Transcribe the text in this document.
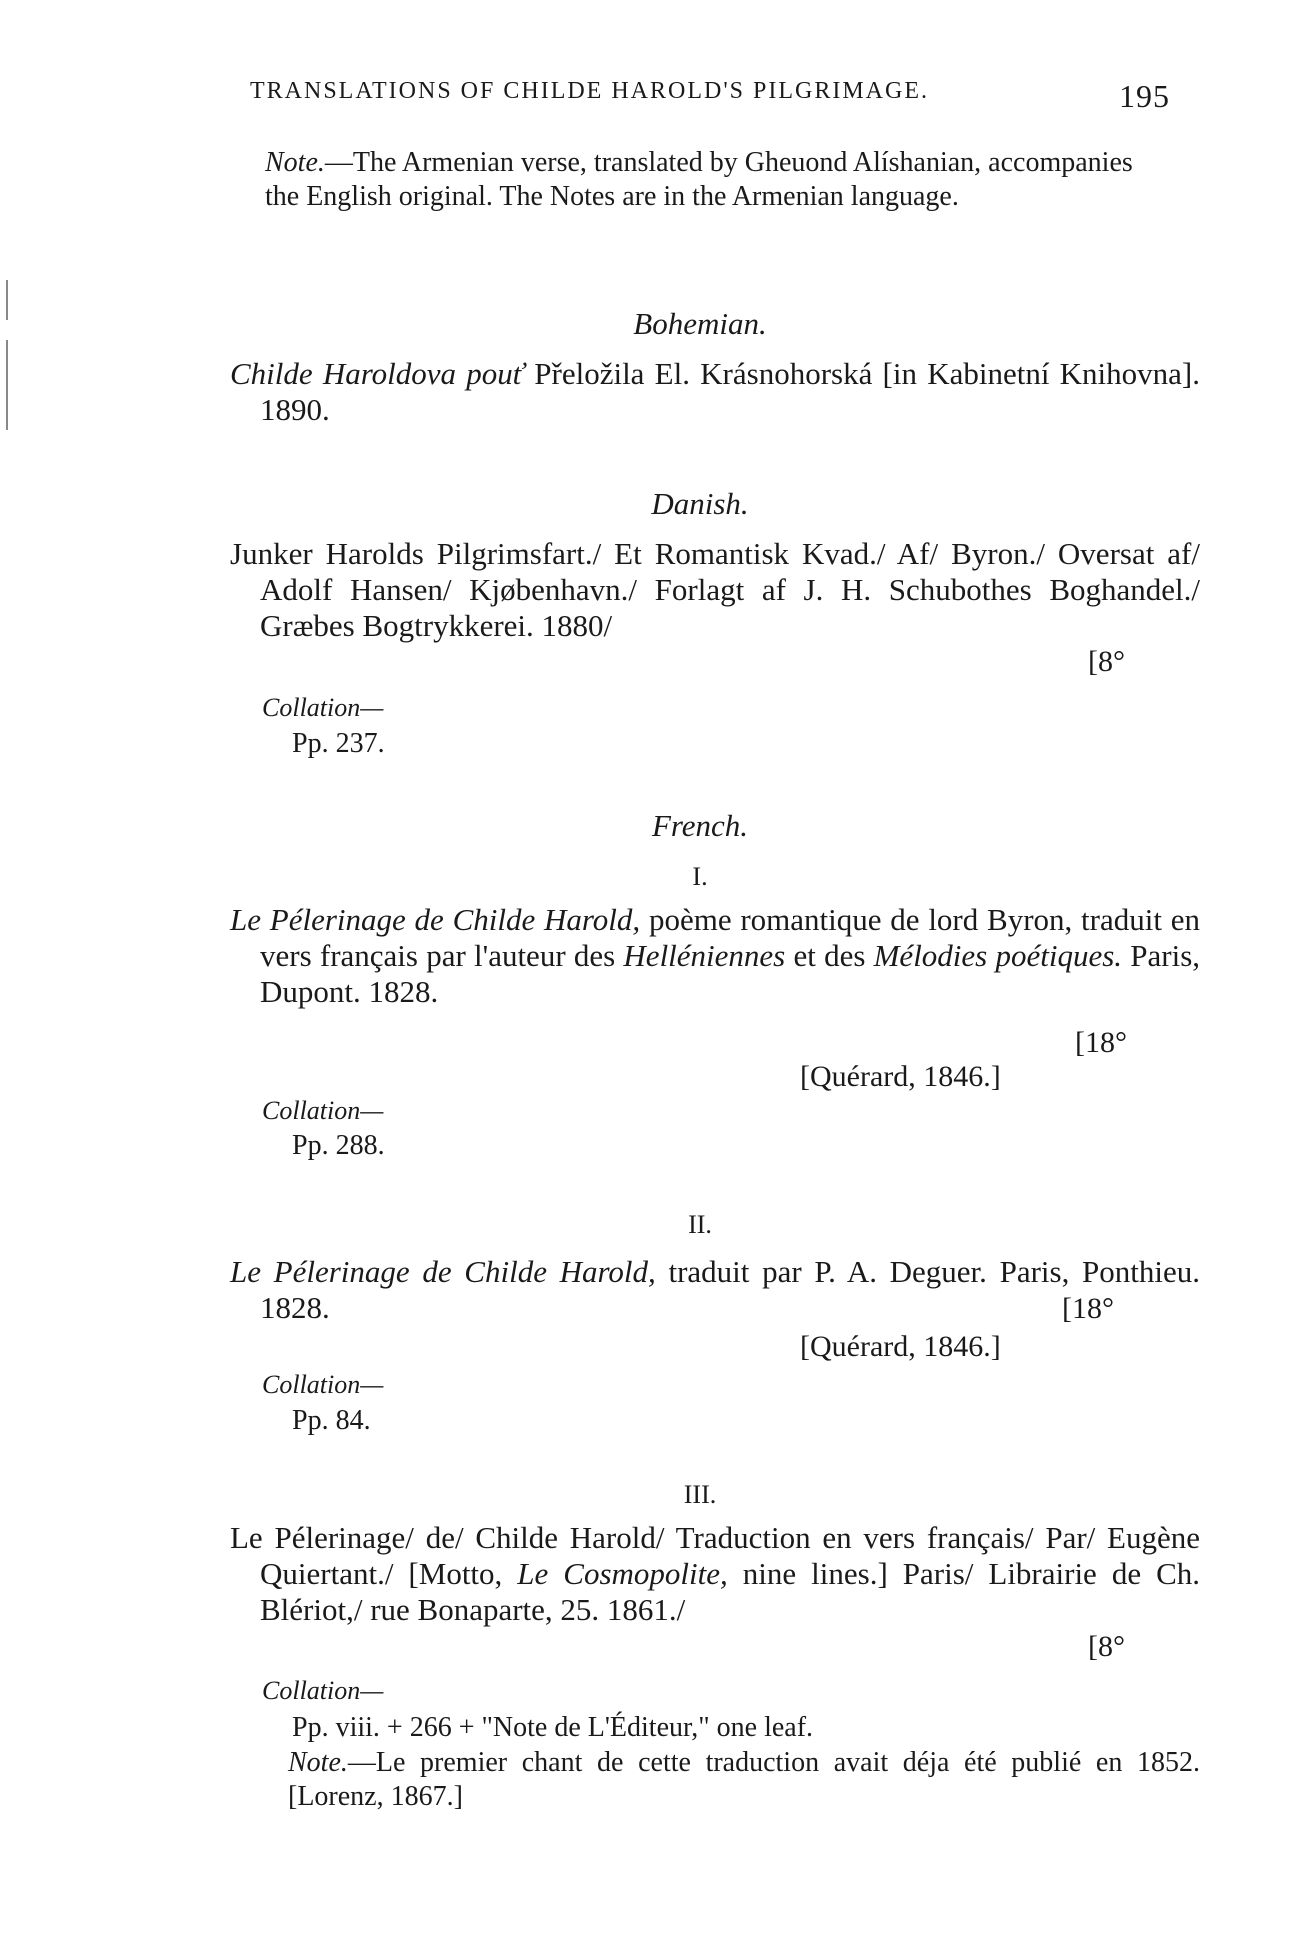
TRANSLATIONS OF CHILDE HAROLD'S PILGRIMAGE.	195
Note.—The Armenian verse, translated by Gheuond Alíshanian, accompanies the English original. The Notes are in the Armenian language.
Bohemian.
Childe Haroldova pouť Přeložila El. Krásnohorská [in Kabinetní Knihovna]. 1890.
Danish.
Junker Harolds Pilgrimsfart./ Et Romantisk Kvad./ Af/ Byron./ Oversat af/ Adolf Hansen/ Kjøbenhavn./ Forlagt af J. H. Schubothes Boghandel./ Græbes Bogtrykkerei. 1880/
[8°
Collation—
Pp. 237.
French.
I.
Le Pélerinage de Childe Harold, poème romantique de lord Byron, traduit en vers français par l'auteur des Helléniennes et des Mélodies poétiques. Paris, Dupont. 1828.
[18°
[Quérard, 1846.]
Collation—
Pp. 288.
II.
Le Pélerinage de Childe Harold, traduit par P. A. Deguer. Paris, Ponthieu. 1828.	[18°
[Quérard, 1846.]
Collation—
Pp. 84.
III.
Le Pélerinage/ de/ Childe Harold/ Traduction en vers français/ Par/ Eugène Quiertant./ [Motto, Le Cosmopolite, nine lines.] Paris/ Librairie de Ch. Blériot,/ rue Bonaparte, 25. 1861./
[8°
Collation—
Pp. viii. + 266 + "Note de L'Éditeur," one leaf.
Note.—Le premier chant de cette traduction avait déja été publié en 1852. [Lorenz, 1867.]
